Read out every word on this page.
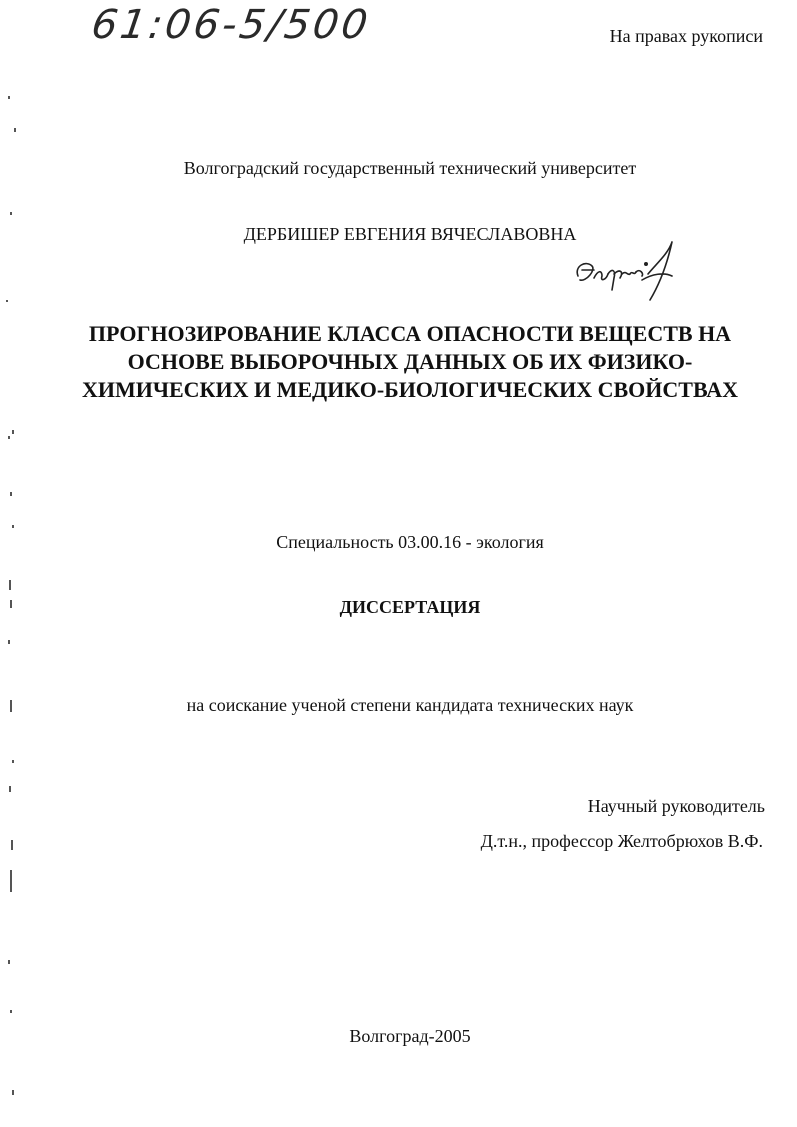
61:06-5/500	На правах рукописи
Волгоградский государственный технический университет
ДЕРБИШЕР ЕВГЕНИЯ ВЯЧЕСЛАВОВНА
ПРОГНОЗИРОВАНИЕ КЛАССА ОПАСНОСТИ ВЕЩЕСТВ НА
ОСНОВЕ ВЫБОРОЧНЫХ ДАННЫХ ОБ ИХ ФИЗИКО-
ХИМИЧЕСКИХ И МЕДИКО-БИОЛОГИЧЕСКИХ СВОЙСТВАХ
Специальность 03.00.16 - экология
ДИССЕРТАЦИЯ
на соискание ученой степени кандидата технических наук
Научный руководитель
Д.т.н., профессор Желтобрюхов В.Ф.
Волгоград-2005
